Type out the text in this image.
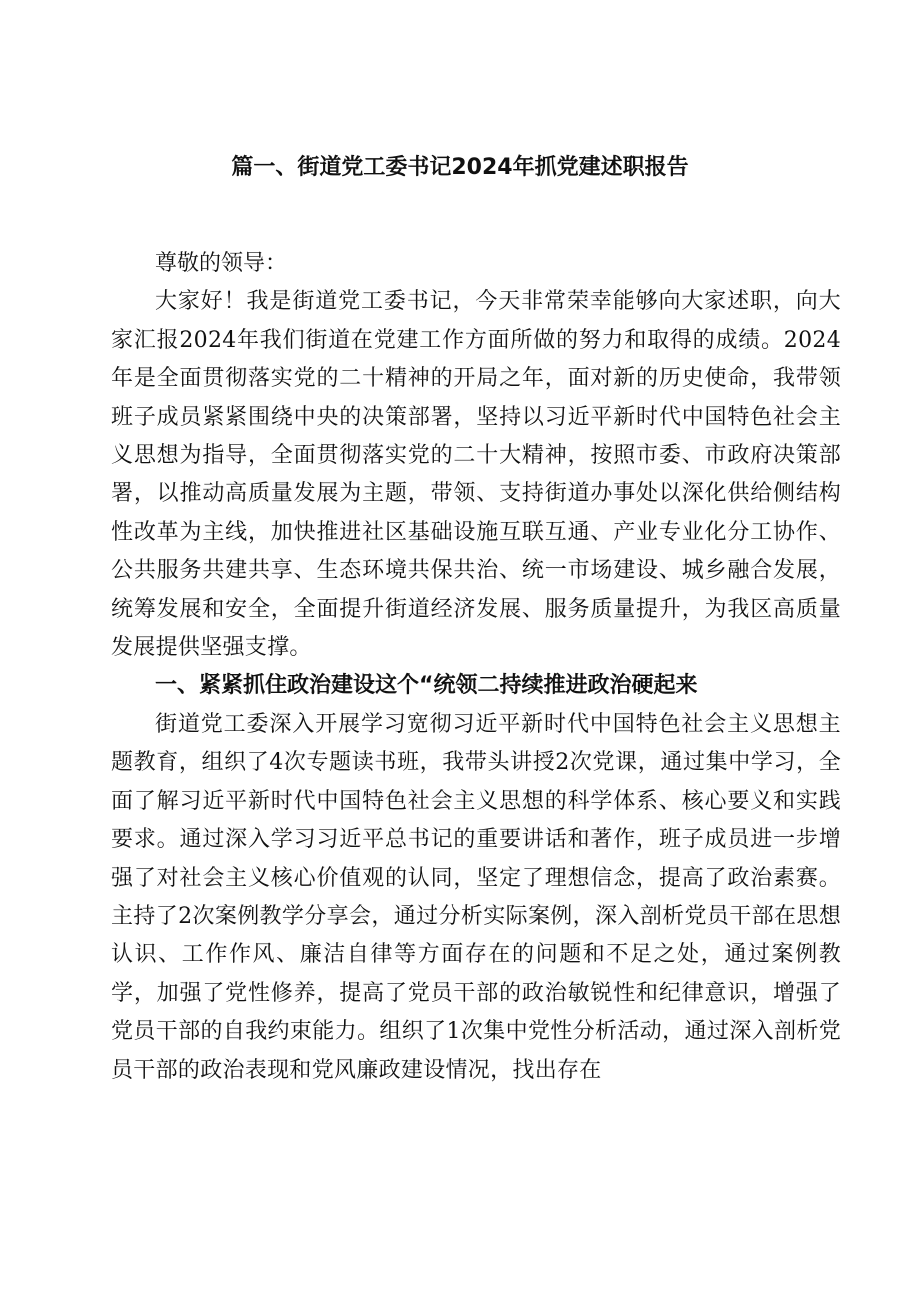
篇一、街道党工委书记2024年抓党建述职报告

尊敬的领导：

大家好！我是街道党工委书记，今天非常荣幸能够向大家述职，向大家汇报2024年我们街道在党建工作方面所做的努力和取得的成绩。2024年是全面贯彻落实党的二十精神的开局之年，面对新的历史使命，我带领班子成员紧紧围绕中央的决策部署，坚持以习近平新时代中国特色社会主义思想为指导，全面贯彻落实党的二十大精神，按照市委、市政府决策部署，以推动高质量发展为主题，带领、支持街道办事处以深化供给侧结构性改革为主线，加快推进社区基础设施互联互通、产业专业化分工协作、公共服务共建共享、生态环境共保共治、统一市场建设、城乡融合发展，统筹发展和安全，全面提升街道经济发展、服务质量提升，为我区高质量发展提供坚强支撑。

一、紧紧抓住政治建设这个“统领二持续推进政治硬起来

街道党工委深入开展学习宽彻习近平新时代中国特色社会主义思想主题教育，组织了4次专题读书班，我带头讲授2次党课，通过集中学习，全面了解习近平新时代中国特色社会主义思想的科学体系、核心要义和实践要求。通过深入学习习近平总书记的重要讲话和著作，班子成员进一步增强了对社会主义核心价值观的认同，坚定了理想信念，提高了政治素赛。主持了2次案例教学分享会，通过分析实际案例，深入剖析党员干部在思想认识、工作作风、廉洁自律等方面存在的问题和不足之处，通过案例教学，加强了党性修养，提高了党员干部的政治敏锐性和纪律意识，增强了党员干部的自我约束能力。组织了1次集中党性分析活动，通过深入剖析党员干部的政治表现和党风廉政建设情况，找出存在
